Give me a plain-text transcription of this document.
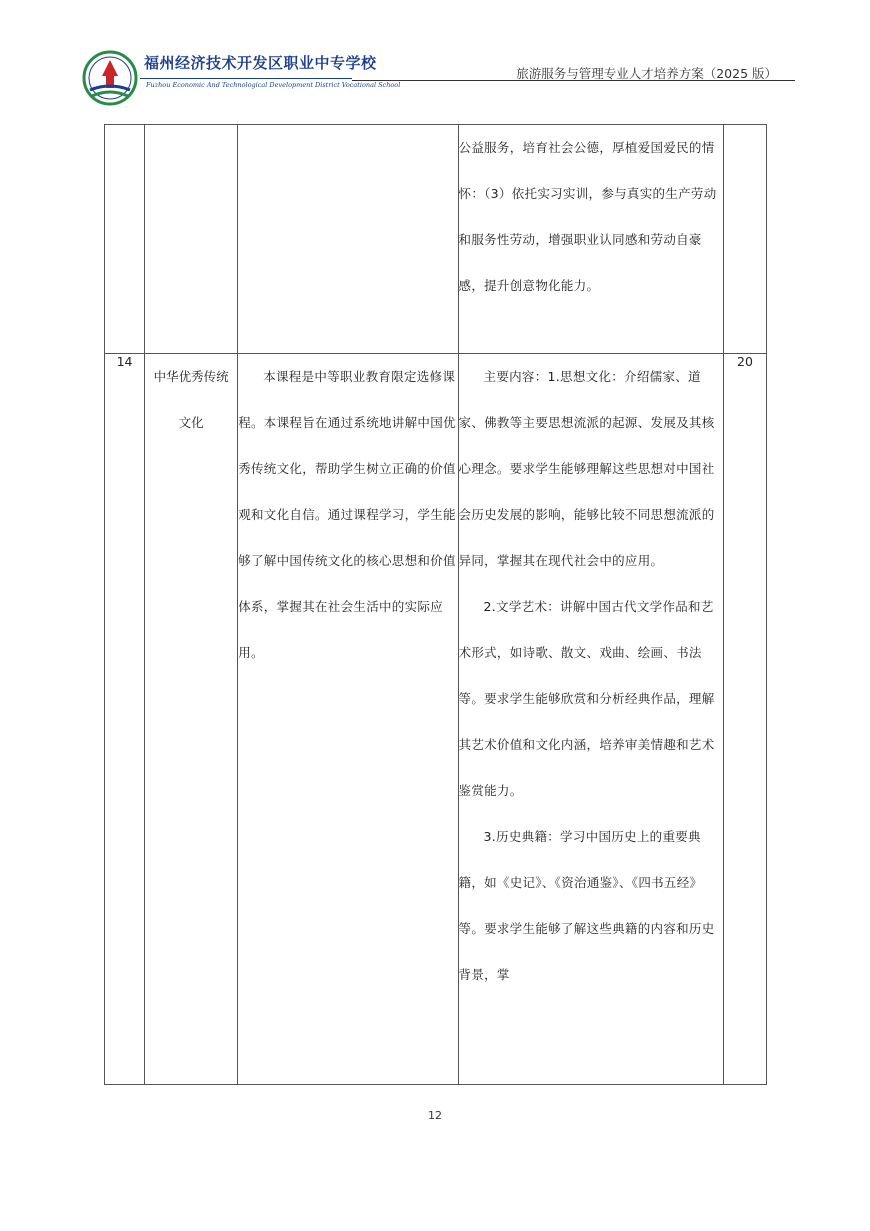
福州经济技术开发区职业中专学校
Fuzhou Economic And Technological Development District Vocational School
旅游服务与管理专业人才培养方案（2025 版）

			公益服务，培育社会公德，厚植爱国爱民的情怀：（3）依托实习实训，参与真实的生产劳动和服务性劳动，增强职业认同感和劳动自豪感，提升创意物化能力。	

14	中华优秀传统文化	本课程是中等职业教育限定选修课程。本课程旨在通过系统地讲解中国优秀传统文化，帮助学生树立正确的价值观和文化自信。通过课程学习，学生能够了解中国传统文化的核心思想和价值体系，掌握其在社会生活中的实际应用。	主要内容：1.思想文化：介绍儒家、道家、佛教等主要思想流派的起源、发展及其核心理念。要求学生能够理解这些思想对中国社会历史发展的影响，能够比较不同思想流派的异同，掌握其在现代社会中的应用。

2.文学艺术：讲解中国古代文学作品和艺术形式，如诗歌、散文、戏曲、绘画、书法等。要求学生能够欣赏和分析经典作品，理解其艺术价值和文化内涵，培养审美情趣和艺术鉴赏能力。

3.历史典籍：学习中国历史上的重要典籍，如《史记》、《资治通鉴》、《四书五经》等。要求学生能够了解这些典籍的内容和历史背景，掌	20
12
